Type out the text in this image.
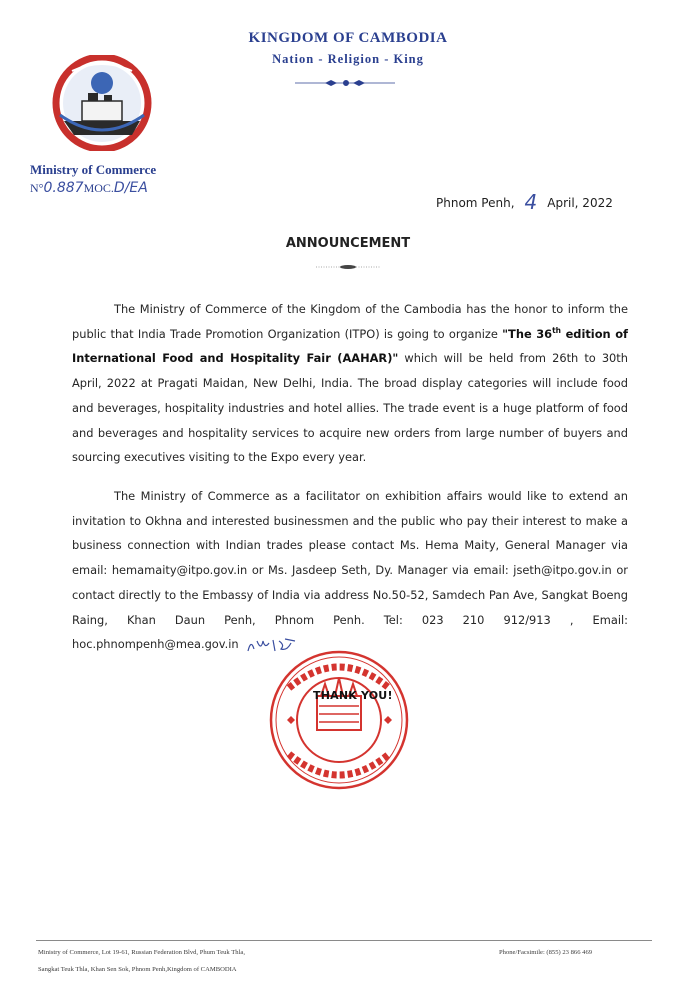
KINGDOM OF CAMBODIA
Nation - Religion - King
Ministry of Commerce
N°0.887MOC.D/EA
Phnom Penh, 4 April, 2022
ANNOUNCEMENT
The Ministry of Commerce of the Kingdom of the Cambodia has the honor to inform the public that India Trade Promotion Organization (ITPO) is going to organize "The 36th edition of International Food and Hospitality Fair (AAHAR)" which will be held from 26th to 30th April, 2022 at Pragati Maidan, New Delhi, India. The broad display categories will include food and beverages, hospitality industries and hotel allies. The trade event is a huge platform of food and beverages and hospitality services to acquire new orders from large number of buyers and sourcing executives visiting to the Expo every year.
The Ministry of Commerce as a facilitator on exhibition affairs would like to extend an invitation to Okhna and interested businessmen and the public who pay their interest to make a business connection with Indian trades please contact Ms. Hema Maity, General Manager via email: hemamaity@itpo.gov.in or Ms. Jasdeep Seth, Dy. Manager via email: jseth@itpo.gov.in or contact directly to the Embassy of India via address No.50-52, Samdech Pan Ave, Sangkat Boeng Raing, Khan Daun Penh, Phnom Penh. Tel: 023 210 912/913 , Email: hoc.phnompenh@mea.gov.in
THANK YOU!
Ministry of Commerce, Lot 19-61, Russian Federation Blvd, Phum Teuk Thla,
Sangkat Teuk Thla, Khan Sen Sok, Phnom Penh,Kingdom of CAMBODIA
Phone/Facsimile: (855) 23 866 469
